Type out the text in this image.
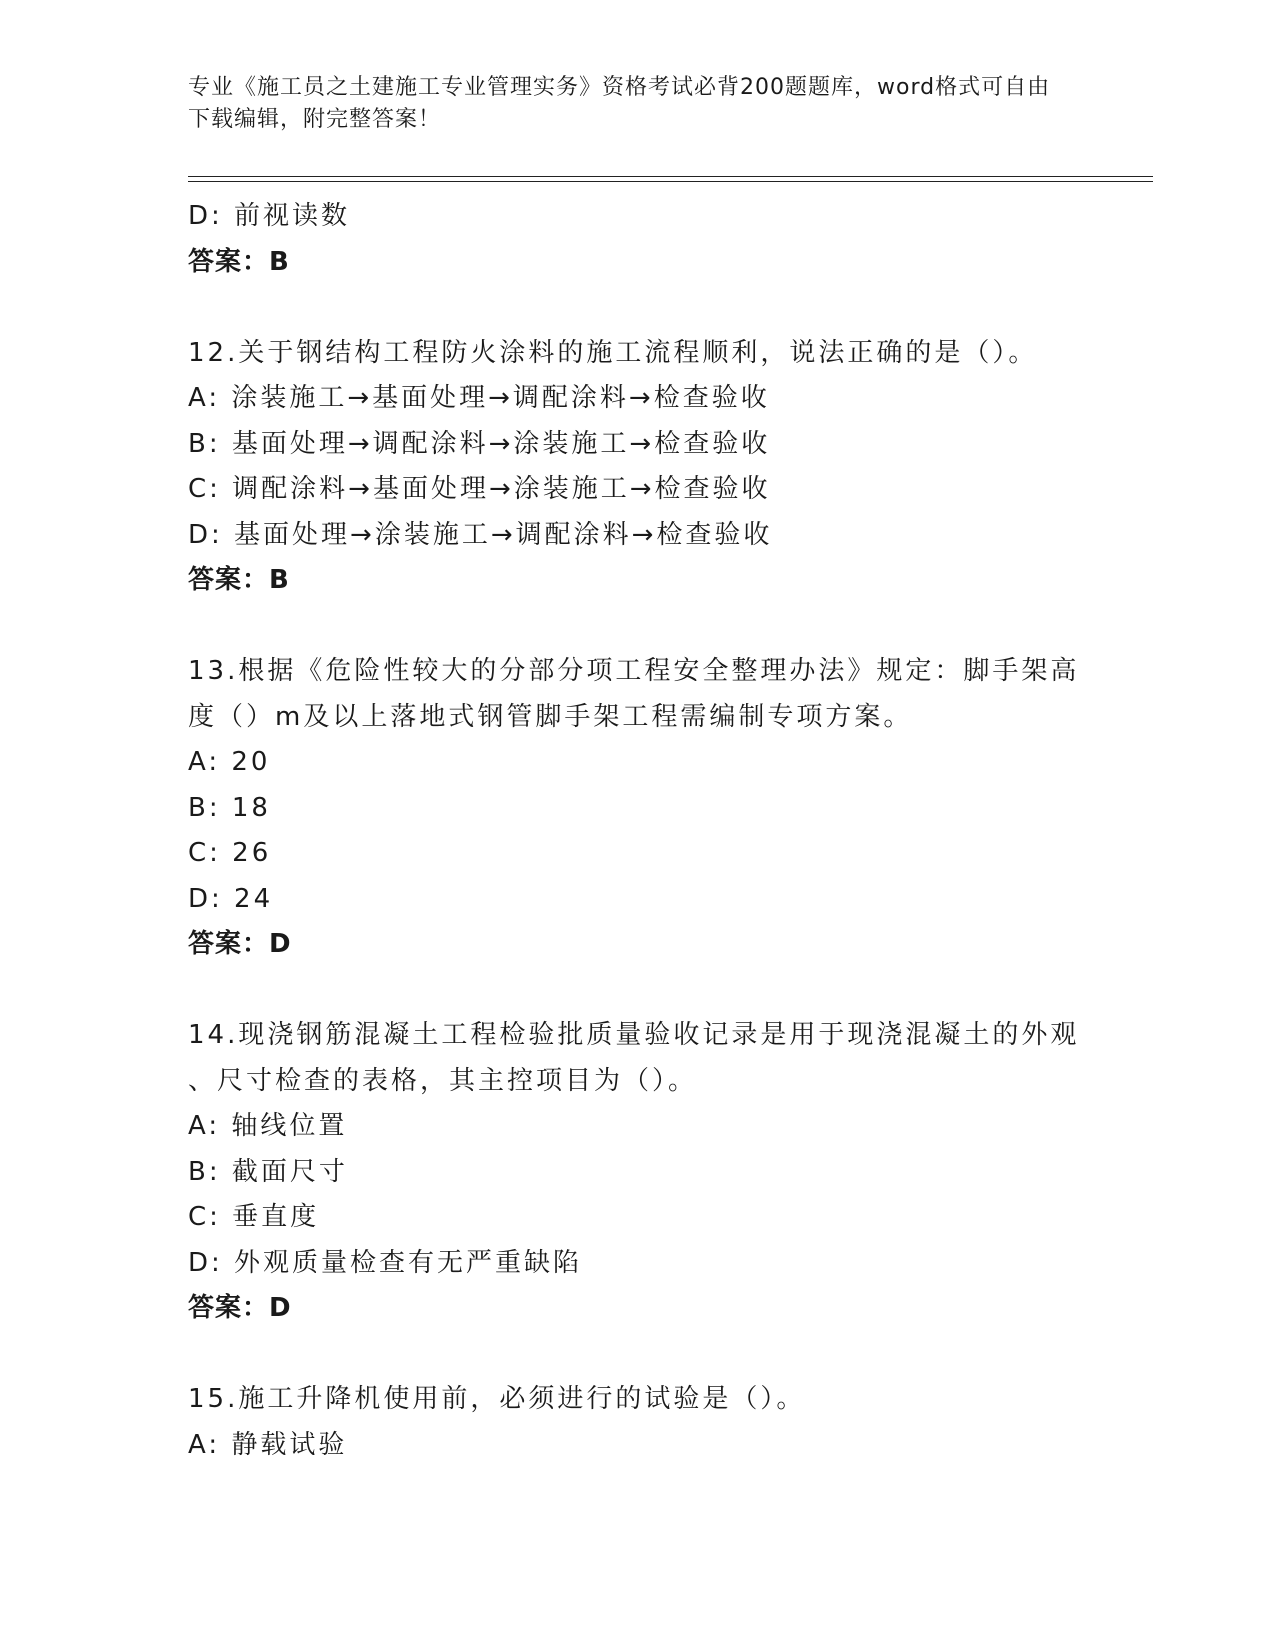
专业《施工员之土建施工专业管理实务》资格考试必背200题题库，word格式可自由下载编辑，附完整答案！

D: 前视读数

答案：B

12.关于钢结构工程防火涂料的施工流程顺利，说法正确的是（）。

A: 涂装施工→基面处理→调配涂料→检查验收

B: 基面处理→调配涂料→涂装施工→检查验收

C: 调配涂料→基面处理→涂装施工→检查验收

D: 基面处理→涂装施工→调配涂料→检查验收

答案：B

13.根据《危险性较大的分部分项工程安全整理办法》规定：脚手架高

度（）m及以上落地式钢管脚手架工程需编制专项方案。

A: 20

B: 18

C: 26

D: 24

答案：D

14.现浇钢筋混凝土工程检验批质量验收记录是用于现浇混凝土的外观

、尺寸检查的表格，其主控项目为（）。

A: 轴线位置

B: 截面尺寸

C: 垂直度

D: 外观质量检查有无严重缺陷

答案：D

15.施工升降机使用前，必须进行的试验是（）。

A: 静载试验
